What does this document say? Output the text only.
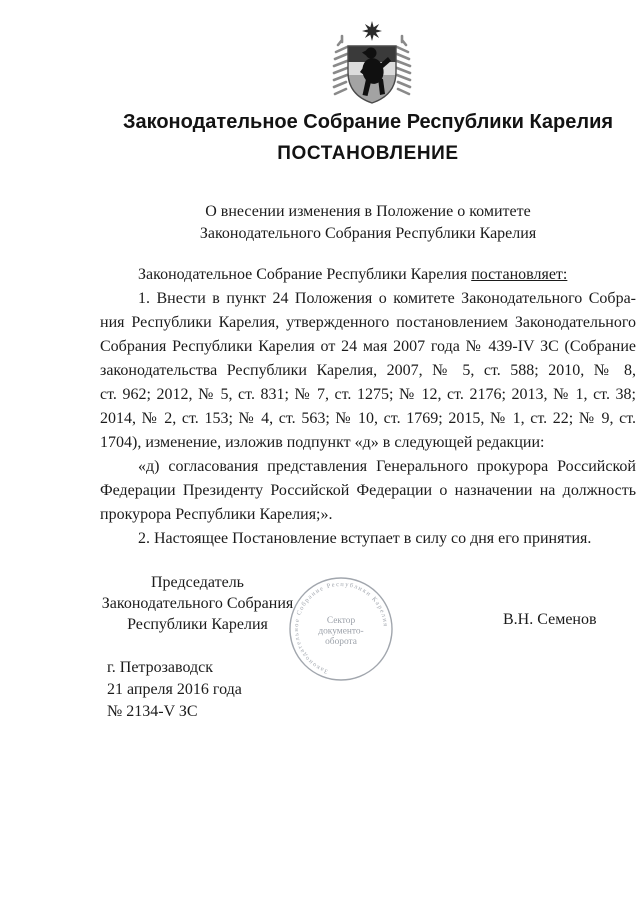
Законодательное Собрание Республики Карелия
ПОСТАНОВЛЕНИЕ
О внесении изменения в Положение о комитете
Законодательного Собрания Республики Карелия
Законодательное Собрание Республики Карелия постановляет:
1. Внести в пункт 24 Положения о комитете Законодательного Собра-
ния Республики Карелия, утвержденного постановлением Законодательного
Собрания Республики Карелия от 24 мая 2007 года № 439-IV ЗС (Собрание
законодательства Республики Карелия, 2007, № 5, ст. 588; 2010, № 8,
ст. 962; 2012, № 5, ст. 831; № 7, ст. 1275; № 12, ст. 2176; 2013, № 1, ст. 38;
2014, № 2, ст. 153; № 4, ст. 563; № 10, ст. 1769; 2015, № 1, ст. 22; № 9, ст.
1704), изменение, изложив подпункт «д» в следующей редакции:
«д) согласования представления Генерального прокурора Российской
Федерации Президенту Российской Федерации о назначении на должность
прокурора Республики Карелия;».
2. Настоящее Постановление вступает в силу со дня его принятия.
Председатель
Законодательного Собрания
Республики Карелия	В.Н. Семенов
Законодательное Собрание Республики Карелия
Сектор
документо-
оборота
г. Петрозаводск
21 апреля 2016 года
№ 2134-V ЗС
